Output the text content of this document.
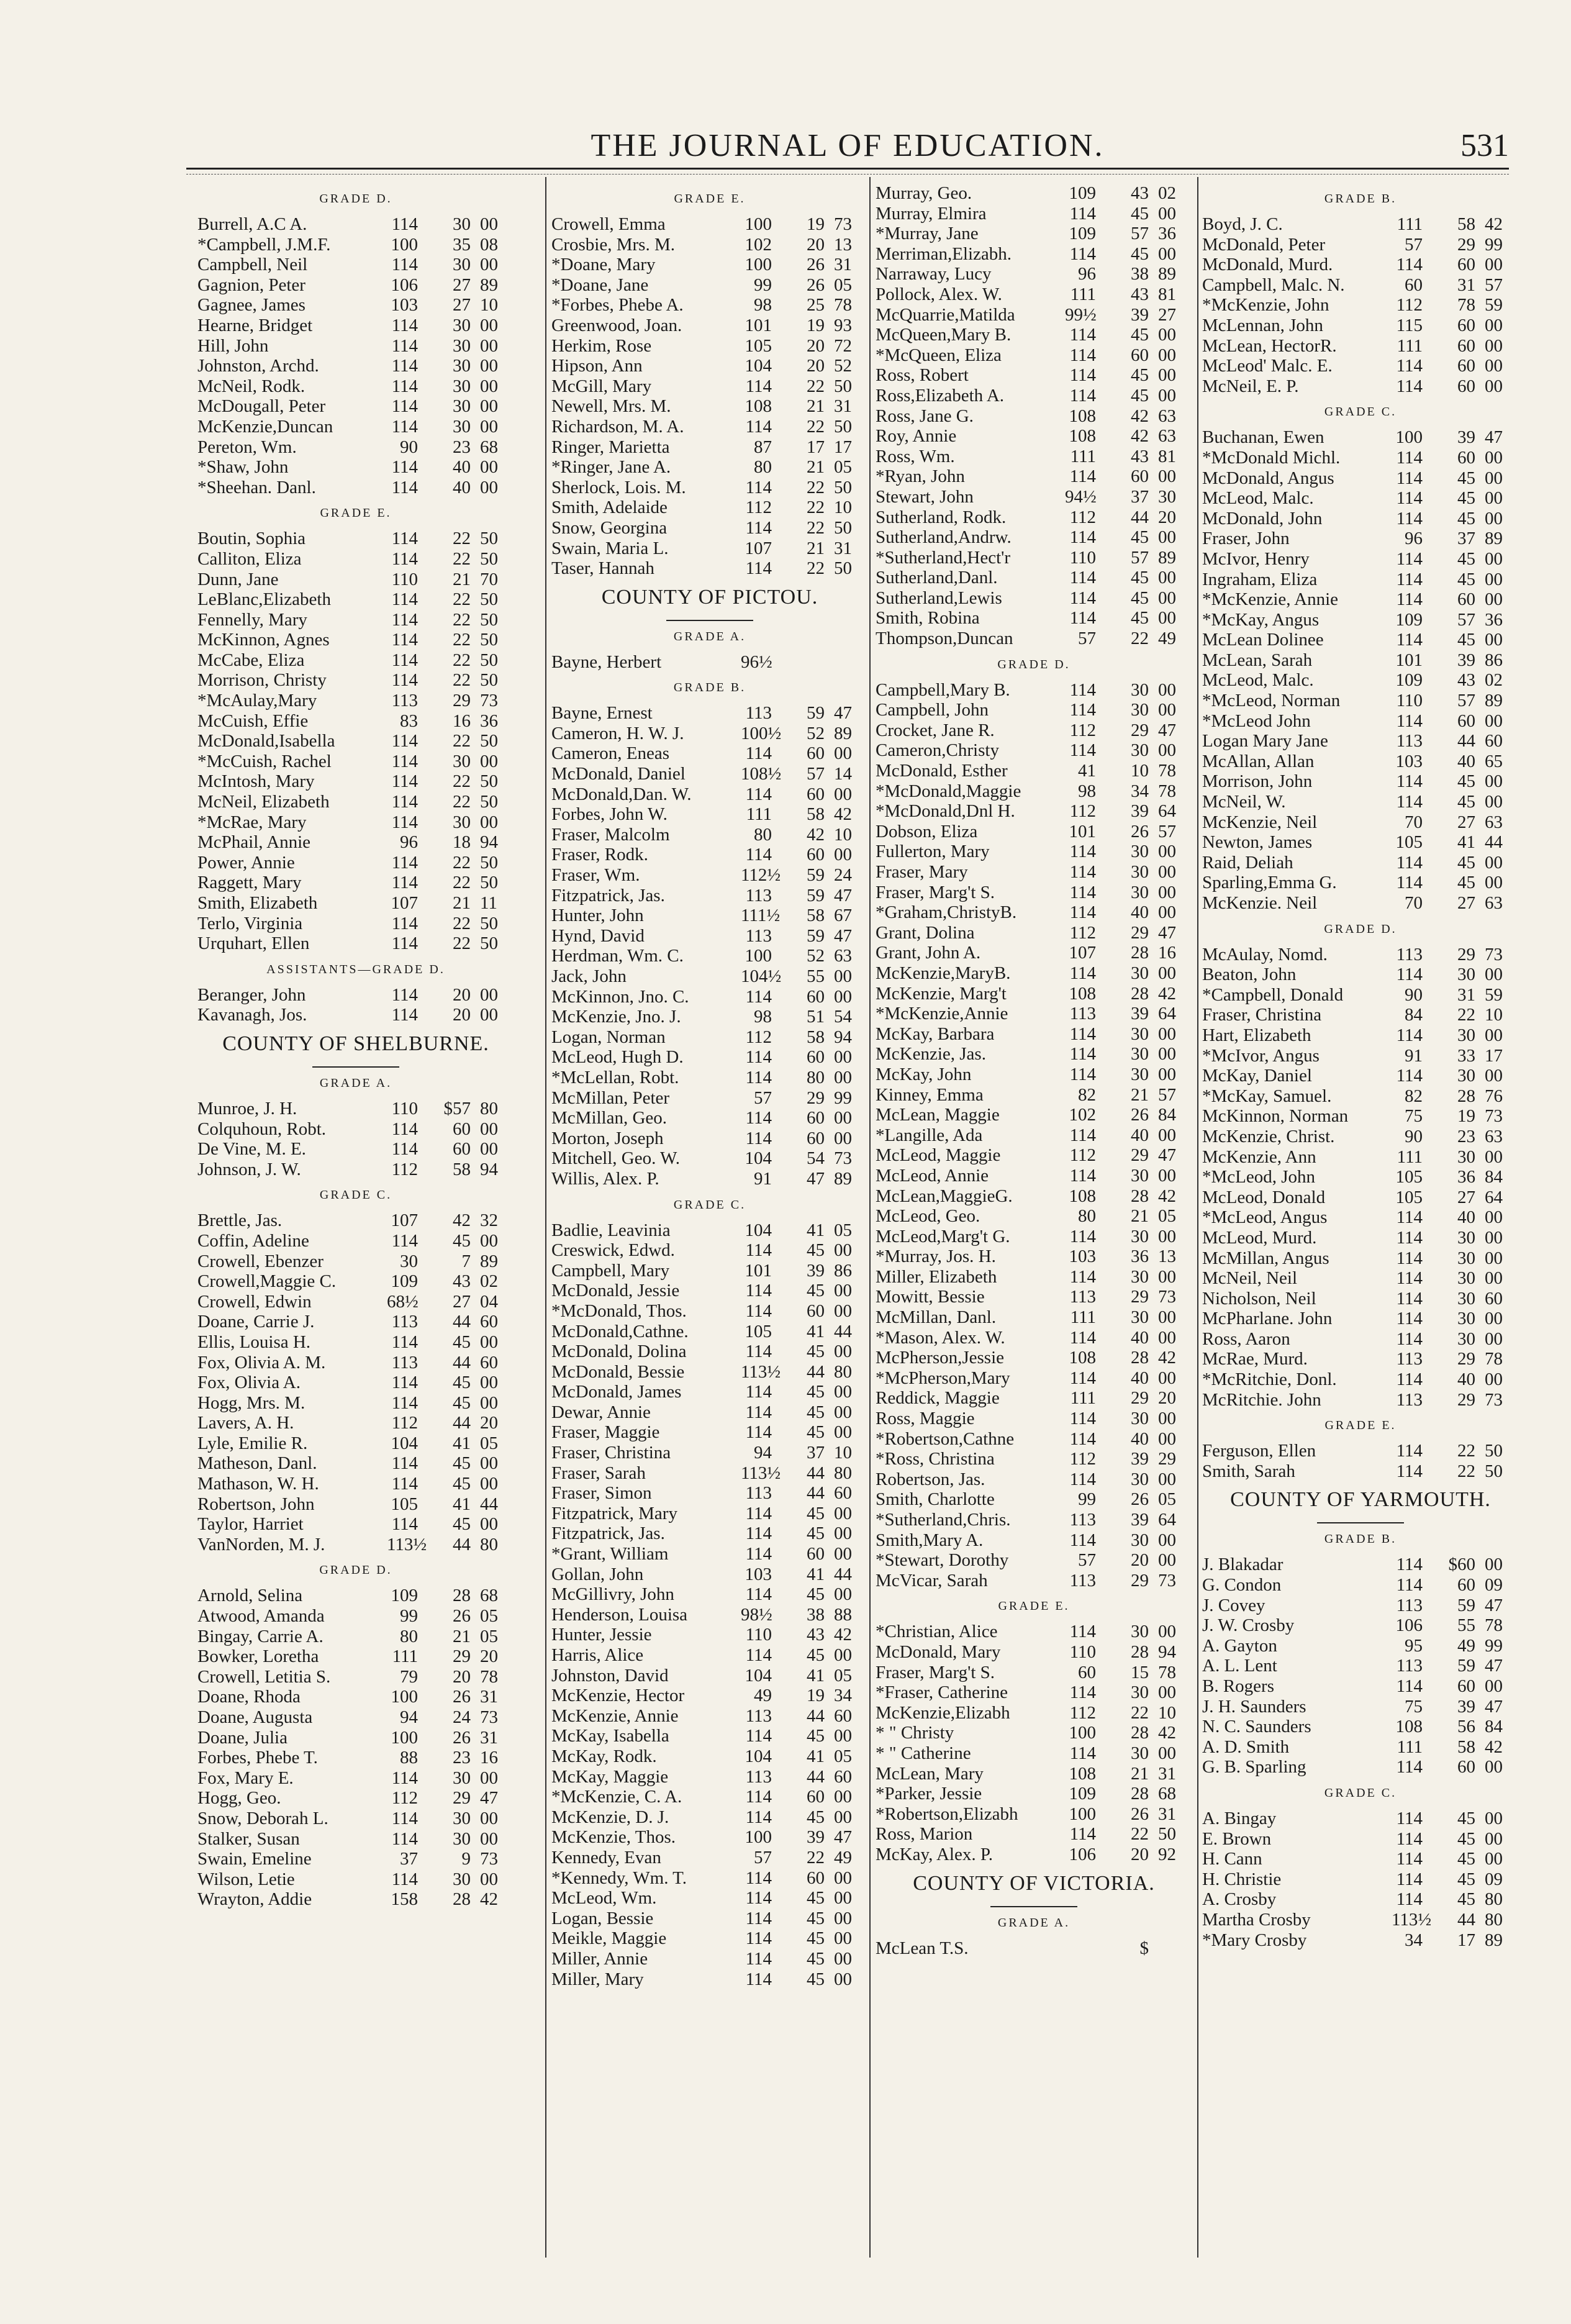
THE JOURNAL OF EDUCATION.	531
GRADE D.
Burrell, A.C A.	114	30 00
*Campbell, J.M.F.	100	35 08
Campbell, Neil	114	30 00
Gagnion, Peter	106	27 89
Gagnee, James	103	27 10
Hearne, Bridget	114	30 00
Hill, John	114	30 00
Johnston, Archd.	114	30 00
McNeil, Rodk.	114	30 00
McDougall, Peter	114	30 00
McKenzie,Duncan	114	30 00
Pereton, Wm.	90	23 68
*Shaw, John	114	40 00
*Sheehan. Danl.	114	40 00
GRADE E.
Boutin, Sophia	114	22 50
Calliton, Eliza	114	22 50
Dunn, Jane	110	21 70
LeBlanc,Elizabeth	114	22 50
Fennelly, Mary	114	22 50
McKinnon, Agnes	114	22 50
McCabe, Eliza	114	22 50
Morrison, Christy	114	22 50
*McAulay,Mary	113	29 73
McCuish, Effie	83	16 36
McDonald,Isabella	114	22 50
*McCuish, Rachel	114	30 00
McIntosh, Mary	114	22 50
McNeil, Elizabeth	114	22 50
*McRae, Mary	114	30 00
McPhail, Annie	96	18 94
Power, Annie	114	22 50
Raggett, Mary	114	22 50
Smith, Elizabeth	107	21 11
Terlo, Virginia	114	22 50
Urquhart, Ellen	114	22 50
ASSISTANTS—GRADE D.
Beranger, John	114	20 00
Kavanagh, Jos.	114	20 00
COUNTY OF SHELBURNE.
GRADE A.
Munroe, J. H.	110 $57 80
Colquhoun, Robt.	114	60 00
De Vine, M. E.	114	60 00
Johnson, J. W.	112	58 94
GRADE C.
Brettle, Jas.	107	42 32
Coffin, Adeline	114	45 00
Crowell, Ebenzer	30	7 89
Crowell,Maggie C.	109	43 02
Crowell, Edwin	68½	27 04
Doane, Carrie J.	113	44 60
Ellis, Louisa H.	114	45 00
Fox, Olivia A. M.	113	44 60
Fox, Olivia A.	114	45 00
Hogg, Mrs. M.	114	45 00
Lavers, A. H.	112	44 20
Lyle, Emilie R.	104	41 05
Matheson, Danl.	114	45 00
Mathason, W. H.	114	45 00
Robertson, John	105	41 44
Taylor, Harriet	114	45 00
VanNorden, M. J.	113½	44 80
GRADE D.
Arnold, Selina	109	28 68
Atwood, Amanda	99	26 05
Bingay, Carrie A.	80	21 05
Bowker, Loretha	111	29 20
Crowell, Letitia S.	79	20 78
Doane, Rhoda	100	26 31
Doane, Augusta	94	24 73
Doane, Julia	100	26 31
Forbes, Phebe T.	88	23 16
Fox, Mary E.	114	30 00
Hogg, Geo.	112	29 47
Snow, Deborah L.	114	30 00
Stalker, Susan	114	30 00
Swain, Emeline	37	9 73
Wilson, Letie	114	30 00
Wrayton, Addie	158	28 42
GRADE E.
Crowell, Emma	100	19 73
Crosbie, Mrs. M.	102	20 13
*Doane, Mary	100	26 31
*Doane, Jane	99	26 05
*Forbes, Phebe A.	98	25 78
Greenwood, Joan.	101	19 93
Herkim, Rose	105	20 72
Hipson, Ann	104	20 52
McGill, Mary	114	22 50
Newell, Mrs. M.	108	21 31
Richardson, M. A.	114	22 50
Ringer, Marietta	87	17 17
*Ringer, Jane A.	80	21 05
Sherlock, Lois. M.	114	22 50
Smith, Adelaide	112	22 10
Snow, Georgina	114	22 50
Swain, Maria L.	107	21 31
Taser, Hannah	114	22 50
COUNTY OF PICTOU.
GRADE A.
Bayne, Herbert	96½
GRADE B.
Bayne, Ernest	113	59 47
Cameron, H. W. J.	100½	52 89
Cameron, Eneas	114	60 00
McDonald, Daniel	108½	57 14
McDonald,Dan. W.	114	60 00
Forbes, John W.	111	58 42
Fraser, Malcolm	80	42 10
Fraser, Rodk.	114	60 00
Fraser, Wm.	112½	59 24
Fitzpatrick, Jas.	113	59 47
Hunter, John	111½	58 67
Hynd, David	113	59 47
Herdman, Wm. C.	100	52 63
Jack, John	104½	55 00
McKinnon, Jno. C.	114	60 00
McKenzie, Jno. J.	98	51 54
Logan, Norman	112	58 94
McLeod, Hugh D.	114	60 00
*McLellan, Robt.	114	80 00
McMillan, Peter	57	29 99
McMillan, Geo.	114	60 00
Morton, Joseph	114	60 00
Mitchell, Geo. W.	104	54 73
Willis, Alex. P.	91	47 89
GRADE C.
Badlie, Leavinia	104	41 05
Creswick, Edwd.	114	45 00
Campbell, Mary	101	39 86
McDonald, Jessie	114	45 00
*McDonald, Thos.	114	60 00
McDonald,Cathne.	105	41 44
McDonald, Dolina	114	45 00
McDonald, Bessie	113½	44 80
McDonald, James	114	45 00
Dewar, Annie	114	45 00
Fraser, Maggie	114	45 00
Fraser, Christina	94	37 10
Fraser, Sarah	113½	44 80
Fraser, Simon	113	44 60
Fitzpatrick, Mary	114	45 00
Fitzpatrick, Jas.	114	45 00
*Grant, William	114	60 00
Gollan, John	103	41 44
McGillivry, John	114	45 00
Henderson, Louisa	98½	38 88
Hunter, Jessie	110	43 42
Harris, Alice	114	45 00
Johnston, David	104	41 05
McKenzie, Hector	49	19 34
McKenzie, Annie	113	44 60
McKay, Isabella	114	45 00
McKay, Rodk.	104	41 05
McKay, Maggie	113	44 60
*McKenzie, C. A.	114	60 00
McKenzie, D. J.	114	45 00
McKenzie, Thos.	100	39 47
Kennedy, Evan	57	22 49
*Kennedy, Wm. T.	114	60 00
McLeod, Wm.	114	45 00
Logan, Bessie	114	45 00
Meikle, Maggie	114	45 00
Miller, Annie	114	45 00
Miller, Mary	114	45 00
Murray, Geo.	109	43 02
Murray, Elmira	114	45 00
*Murray, Jane	109	57 36
Merriman,Elizabh.	114	45 00
Narraway, Lucy	96	38 89
Pollock, Alex. W.	111	43 81
McQuarrie,Matilda	99½	39 27
McQueen,Mary B.	114	45 00
*McQueen, Eliza	114	60 00
Ross, Robert	114	45 00
Ross,Elizabeth A.	114	45 00
Ross, Jane G.	108	42 63
Roy, Annie	108	42 63
Ross, Wm.	111	43 81
*Ryan, John	114	60 00
Stewart, John	94½	37 30
Sutherland, Rodk.	112	44 20
Sutherland,Andrw.	114	45 00
*Sutherland,Hect'r	110	57 89
Sutherland,Danl.	114	45 00
Sutherland,Lewis	114	45 00
Smith, Robina	114	45 00
Thompson,Duncan	57	22 49
GRADE D.
Campbell,Mary B.	114	30 00
Campbell, John	114	30 00
Crocket, Jane R.	112	29 47
Cameron,Christy	114	30 00
McDonald, Esther	41	10 78
*McDonald,Maggie	98	34 78
*McDonald,Dnl H.	112	39 64
Dobson, Eliza	101	26 57
Fullerton, Mary	114	30 00
Fraser, Mary	114	30 00
Fraser, Marg't S.	114	30 00
*Graham,ChristyB.	114	40 00
Grant, Dolina	112	29 47
Grant, John A.	107	28 16
McKenzie,MaryB.	114	30 00
McKenzie, Marg't	108	28 42
*McKenzie,Annie	113	39 64
McKay, Barbara	114	30 00
McKenzie, Jas.	114	30 00
McKay, John	114	30 00
Kinney, Emma	82	21 57
McLean, Maggie	102	26 84
*Langille, Ada	114	40 00
McLeod, Maggie	112	29 47
McLeod, Annie	114	30 00
McLean,MaggieG.	108	28 42
McLeod, Geo.	80	21 05
McLeod,Marg't G.	114	30 00
*Murray, Jos. H.	103	36 13
Miller, Elizabeth	114	30 00
Mowitt, Bessie	113	29 73
McMillan, Danl.	111	30 00
*Mason, Alex. W.	114	40 00
McPherson,Jessie	108	28 42
*McPherson,Mary	114	40 00
Reddick, Maggie	111	29 20
Ross, Maggie	114	30 00
*Robertson,Cathne	114	40 00
*Ross, Christina	112	39 29
Robertson, Jas.	114	30 00
Smith, Charlotte	99	26 05
*Sutherland,Chris.	113	39 64
Smith,Mary A.	114	30 00
*Stewart, Dorothy	57	20 00
McVicar, Sarah	113	29 73
GRADE E.
*Christian, Alice	114	30 00
McDonald, Mary	110	28 94
Fraser, Marg't S.	60	15 78
*Fraser, Catherine	114	30 00
McKenzie,Elizabh	112	22 10
* " Christy	100	28 42
* " Catherine	114	30 00
McLean, Mary	108	21 31
*Parker, Jessie	109	28 68
*Robertson,Elizabh	100	26 31
Ross, Marion	114	22 50
McKay, Alex. P.	106	20 92
COUNTY OF VICTORIA.
GRADE A.
McLean T.S.	$
GRADE B.
Boyd, J. C.	111	58 42
McDonald, Peter	57	29 99
McDonald, Murd.	114	60 00
Campbell, Malc. N.	60	31 57
*McKenzie, John	112	78 59
McLennan, John	115	60 00
McLean, HectorR.	111	60 00
McLeod' Malc. E.	114	60 00
McNeil, E. P.	114	60 00
GRADE C.
Buchanan, Ewen	100	39 47
*McDonald Michl.	114	60 00
McDonald, Angus	114	45 00
McLeod, Malc.	114	45 00
McDonald, John	114	45 00
Fraser, John	96	37 89
McIvor, Henry	114	45 00
Ingraham, Eliza	114	45 00
*McKenzie, Annie	114	60 00
*McKay, Angus	109	57 36
McLean Dolinee	114	45 00
McLean, Sarah	101	39 86
McLeod, Malc.	109	43 02
*McLeod, Norman	110	57 89
*McLeod John	114	60 00
Logan Mary Jane	113	44 60
McAllan, Allan	103	40 65
Morrison, John	114	45 00
McNeil, W.	114	45 00
McKenzie, Neil	70	27 63
Newton, James	105	41 44
Raid, Deliah	114	45 00
Sparling,Emma G.	114	45 00
McKenzie. Neil	70	27 63
GRADE D.
McAulay, Nomd.	113	29 73
Beaton, John	114	30 00
*Campbell, Donald	90	31 59
Fraser, Christina	84	22 10
Hart, Elizabeth	114	30 00
*McIvor, Angus	91	33 17
McKay, Daniel	114	30 00
*McKay, Samuel.	82	28 76
McKinnon, Norman	75	19 73
McKenzie, Christ.	90	23 63
McKenzie, Ann	111	30 00
*McLeod, John	105	36 84
McLeod, Donald	105	27 64
*McLeod, Angus	114	40 00
McLeod, Murd.	114	30 00
McMillan, Angus	114	30 00
McNeil, Neil	114	30 00
Nicholson, Neil	114	30 60
McPharlane. John	114	30 00
Ross, Aaron	114	30 00
McRae, Murd.	113	29 78
*McRitchie, Donl.	114	40 00
McRitchie. John	113	29 73
GRADE E.
Ferguson, Ellen	114	22 50
Smith, Sarah	114	22 50
COUNTY OF YARMOUTH.
GRADE B.
J. Blakadar	114 $60 00
G. Condon	114	60 09
J. Covey	113	59 47
J. W. Crosby	106	55 78
A. Gayton	95	49 99
A. L. Lent	113	59 47
B. Rogers	114	60 00
J. H. Saunders	75	39 47
N. C. Saunders	108	56 84
A. D. Smith	111	58 42
G. B. Sparling	114	60 00
GRADE C.
A. Bingay	114	45 00
E. Brown	114	45 00
H. Cann	114	45 00
H. Christie	114	45 09
A. Crosby	114	45 80
Martha Crosby	113½	44 80
*Mary Crosby	34	17 89
